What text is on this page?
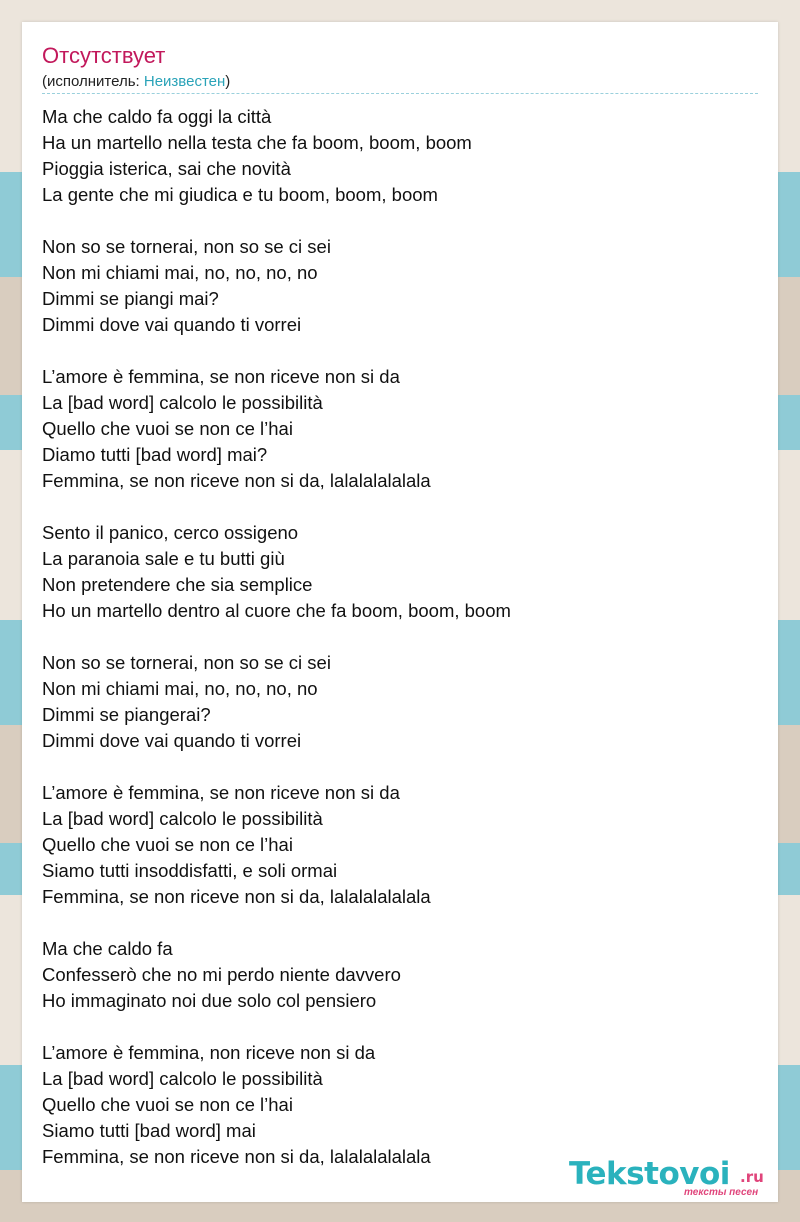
Отсутствует
(исполнитель: Неизвестен)
Ma che caldo fa oggi la città
Ha un martello nella testa che fa boom, boom, boom
Pioggia isterica, sai che novità
La gente che mi giudica e tu boom, boom, boom
Non so se tornerai, non so se ci sei
Non mi chiami mai, no, no, no, no
Dimmi se piangi mai?
Dimmi dove vai quando ti vorrei
L’amore è femmina, se non riceve non si da
La [bad word] calcolo le possibilità
Quello che vuoi se non ce l’hai
Diamo tutti [bad word] mai?
Femmina, se non riceve non si da, lalalalalalala
Sento il panico, cerco ossigeno
La paranoia sale e tu butti giù
Non pretendere che sia semplice
Ho un martello dentro al cuore che fa boom, boom, boom
Non so se tornerai, non so se ci sei
Non mi chiami mai, no, no, no, no
Dimmi se piangerai?
Dimmi dove vai quando ti vorrei
L’amore è femmina, se non riceve non si da
La [bad word] calcolo le possibilità
Quello che vuoi se non ce l’hai
Siamo tutti insoddisfatti, e soli ormai
Femmina, se non riceve non si da, lalalalalalala
Ma che caldo fa
Confesserò che no mi perdo niente davvero
Ho immaginato noi due solo col pensiero
L’amore è femmina, non riceve non si da
La [bad word] calcolo le possibilità
Quello che vuoi se non ce l’hai
Siamo tutti [bad word] mai
Femmina, se non riceve non si da, lalalalalalala	Tekstovoi .ru
тексты песен
